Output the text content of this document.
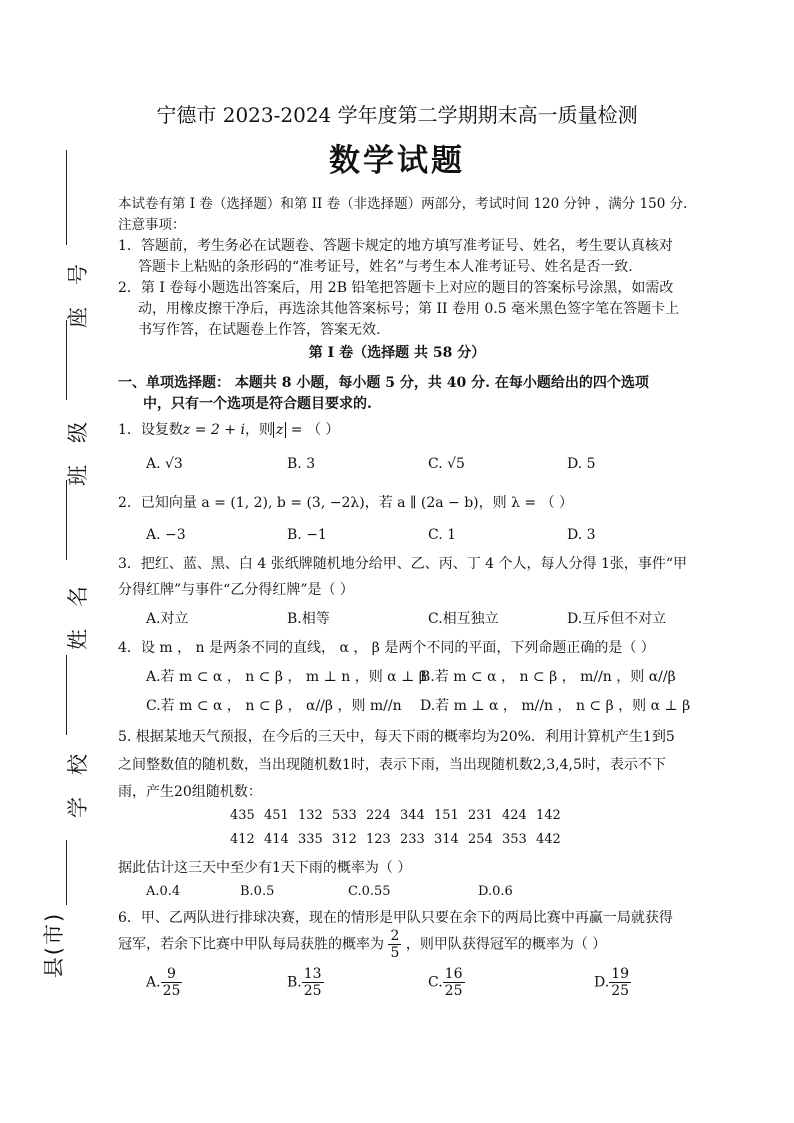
座号
班级
姓名
学校
县(市)
宁德市 2023-2024 学年度第二学期期末高一质量检测
数学试题
本试卷有第 I 卷（选择题）和第 II 卷（非选择题）两部分，考试时间 120 分钟 ，满分 150 分.
注意事项：
1．答题前，考生务必在试题卷、答题卡规定的地方填写准考证号、姓名，考生要认真核对
答题卡上粘贴的条形码的“准考证号，姓名”与考生本人准考证号、姓名是否一致.
2．第 I 卷每小题选出答案后，用 2B 铅笔把答题卡上对应的题目的答案标号涂黑，如需改
动，用橡皮擦干净后，再选涂其他答案标号；第 II 卷用 0.5 毫米黑色签字笔在答题卡上
书写作答，在试题卷上作答，答案无效.
第 I 卷（选择题 共 58 分）
一、单项选择题： 本题共 8 小题，每小题 5 分，共 40 分. 在每小题给出的四个选项
中，只有一个选项是符合题目要求的.
1．设复数z = 2 + i，则 z = （ ）
A. √3	B. 3	C. √5	D. 5
2．已知向量 a = (1, 2), b = (3, −2λ)，若 a ∥ (2a − b)，则 λ = （ ）
A. −3	B. −1	C. 1	D. 3
3．把红、蓝、黑、白 4 张纸牌随机地分给甲、乙、丙、丁 4 个人，每人分得 1张，事件“甲
分得红牌”与事件“乙分得红牌”是（ ）
A.对立	B.相等	C.相互独立	D.互斥但不对立
4．设 m ， n 是两条不同的直线， α ， β 是两个不同的平面，下列命题正确的是（ ）
A.若 m ⊂ α ， n ⊂ β ， m ⊥ n ，则 α ⊥ β
B.若 m ⊂ α ， n ⊂ β ， m//n ，则 α//β
C.若 m ⊂ α ， n ⊂ β ， α//β ，则 m//n D.若 m ⊥ α ， m//n ， n ⊂ β ，则 α ⊥ β
5. 根据某地天气预报，在今后的三天中，每天下雨的概率均为20%．利用计算机产生1到5
之间整数值的随机数，当出现随机数1时，表示下雨，当出现随机数2,3,4,5时，表示不下
雨，产生20组随机数：
435 451 132 533 224 344 151 231 424 142
412 414 335 312 123 233 314 254 353 442
据此估计这三天中至少有1天下雨的概率为（ ）
A.0.4	B.0.5	C.0.55	D.0.6
6．甲、乙两队进行排球决赛，现在的情形是甲队只要在余下的两局比赛中再赢一局就获得
冠军，若余下比赛中甲队每局获胜的概率为 $\frac{2}{5}$ ，则甲队获得冠军的概率为（ ）
A. $\frac{9}{25}$	B. $\frac{13}{25}$	C. $\frac{16}{25}$	D. $\frac{19}{25}$
